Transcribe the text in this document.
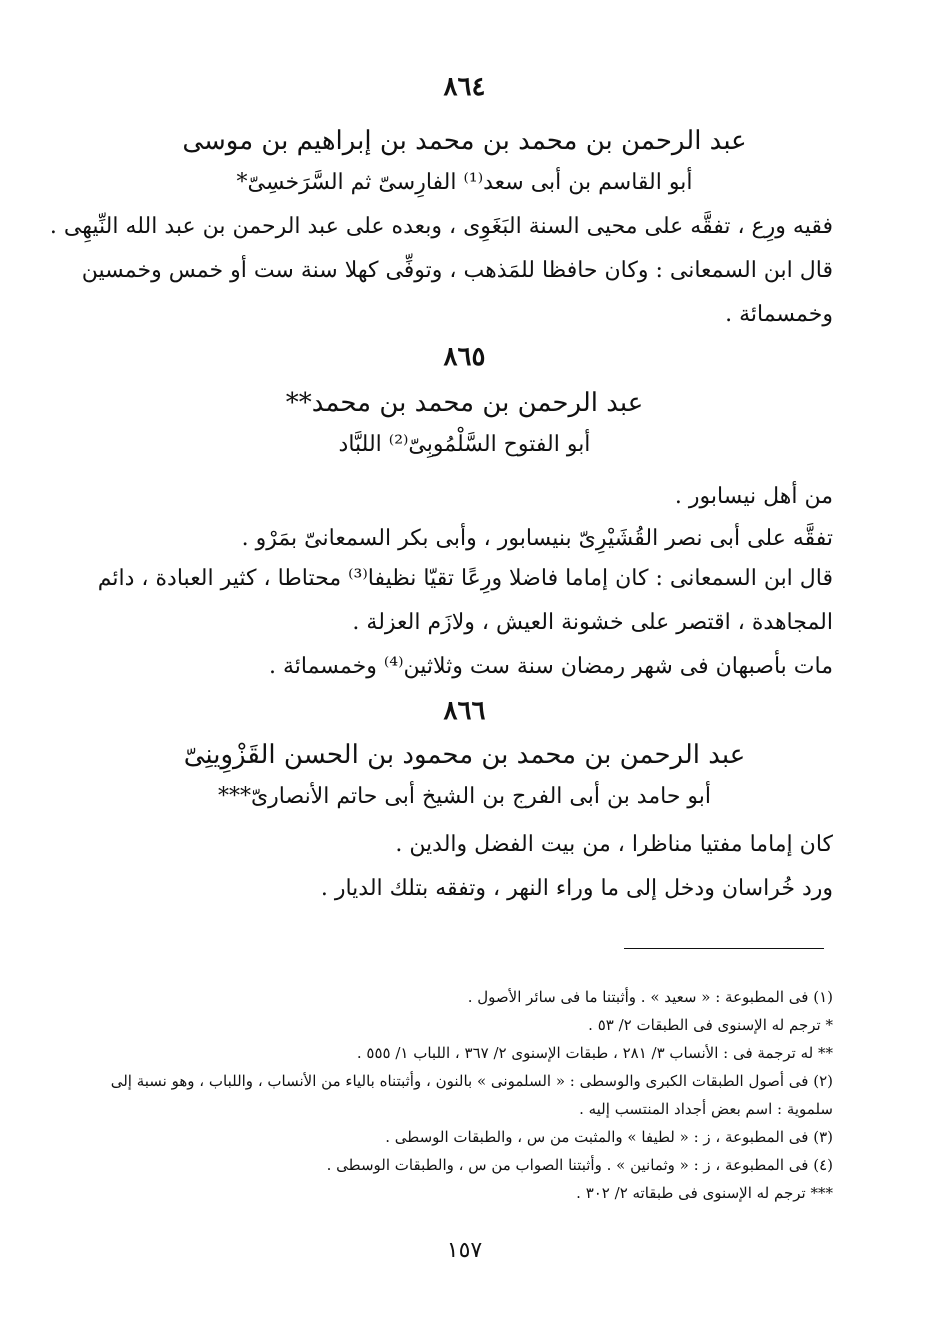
٨٦٤
عبد الرحمن بن محمد بن محمد بن إبراهيم بن موسى
أبو القاسم بن أبى سعد⁽¹⁾ الفارِسىّ ثم السَّرَخسِىّ*
فقيه ورِع ، تفقَّه على محيى السنة البَغَوِى ، وبعده على عبد الرحمن بن عبد الله النِّيهِى .
قال ابن السمعانى : وكان حافظا للمَذهب ، وتوفِّى كهلا سنة ست أو خمس وخمسين
وخمسمائة .
٨٦٥
عبد الرحمن بن محمد بن محمد**
أبو الفتوح السَّلْمُوبِىّ⁽²⁾ اللبَّاد
من أهل نيسابور .
تفقَّه على أبى نصر القُشَيْرِىّ بنيسابور ، وأبى بكر السمعانىّ بمَرْو .
قال ابن السمعانى : كان إماما فاضلا ورِعًا تقيّا نظيفا⁽³⁾ محتاطا ، كثير العبادة ، دائم
المجاهدة ، اقتصر على خشونة العيش ، ولازَم العزلة .
مات بأصبهان فى شهر رمضان سنة ست وثلاثين⁽⁴⁾ وخمسمائة .
٨٦٦
عبد الرحمن بن محمد بن محمود بن الحسن القَزْوِينِىّ
أبو حامد بن أبى الفرج بن الشيخ أبى حاتم الأنصارىّ***
كان إماما مفتيا مناظرا ، من بيت الفضل والدين .
ورد خُراسان ودخل إلى ما وراء النهر ، وتفقه بتلك الديار .
(١) فى المطبوعة : « سعيد » . وأثبتنا ما فى سائر الأصول .
* ترجم له الإسنوى فى الطبقات ٢/ ٥٣ .
** له ترجمة فى : الأنساب ٣/ ٢٨١ ، طبقات الإسنوى ٢/ ٣٦٧ ، اللباب ١/ ٥٥٥ .
(٢) فى أصول الطبقات الكبرى والوسطى : « السلمونى » بالنون ، وأثبتناه بالياء من الأنساب ، واللباب ، وهو نسبة إلى
سلموية : اسم بعض أجداد المنتسب إليه .
(٣) فى المطبوعة ، ز : « لطيفا » والمثبت من س ، والطبقات الوسطى .
(٤) فى المطبوعة ، ز : « وثمانين » . وأثبتنا الصواب من س ، والطبقات الوسطى .
*** ترجم له الإسنوى فى طبقاته ٢/ ٣٠٢ .
١٥٧
